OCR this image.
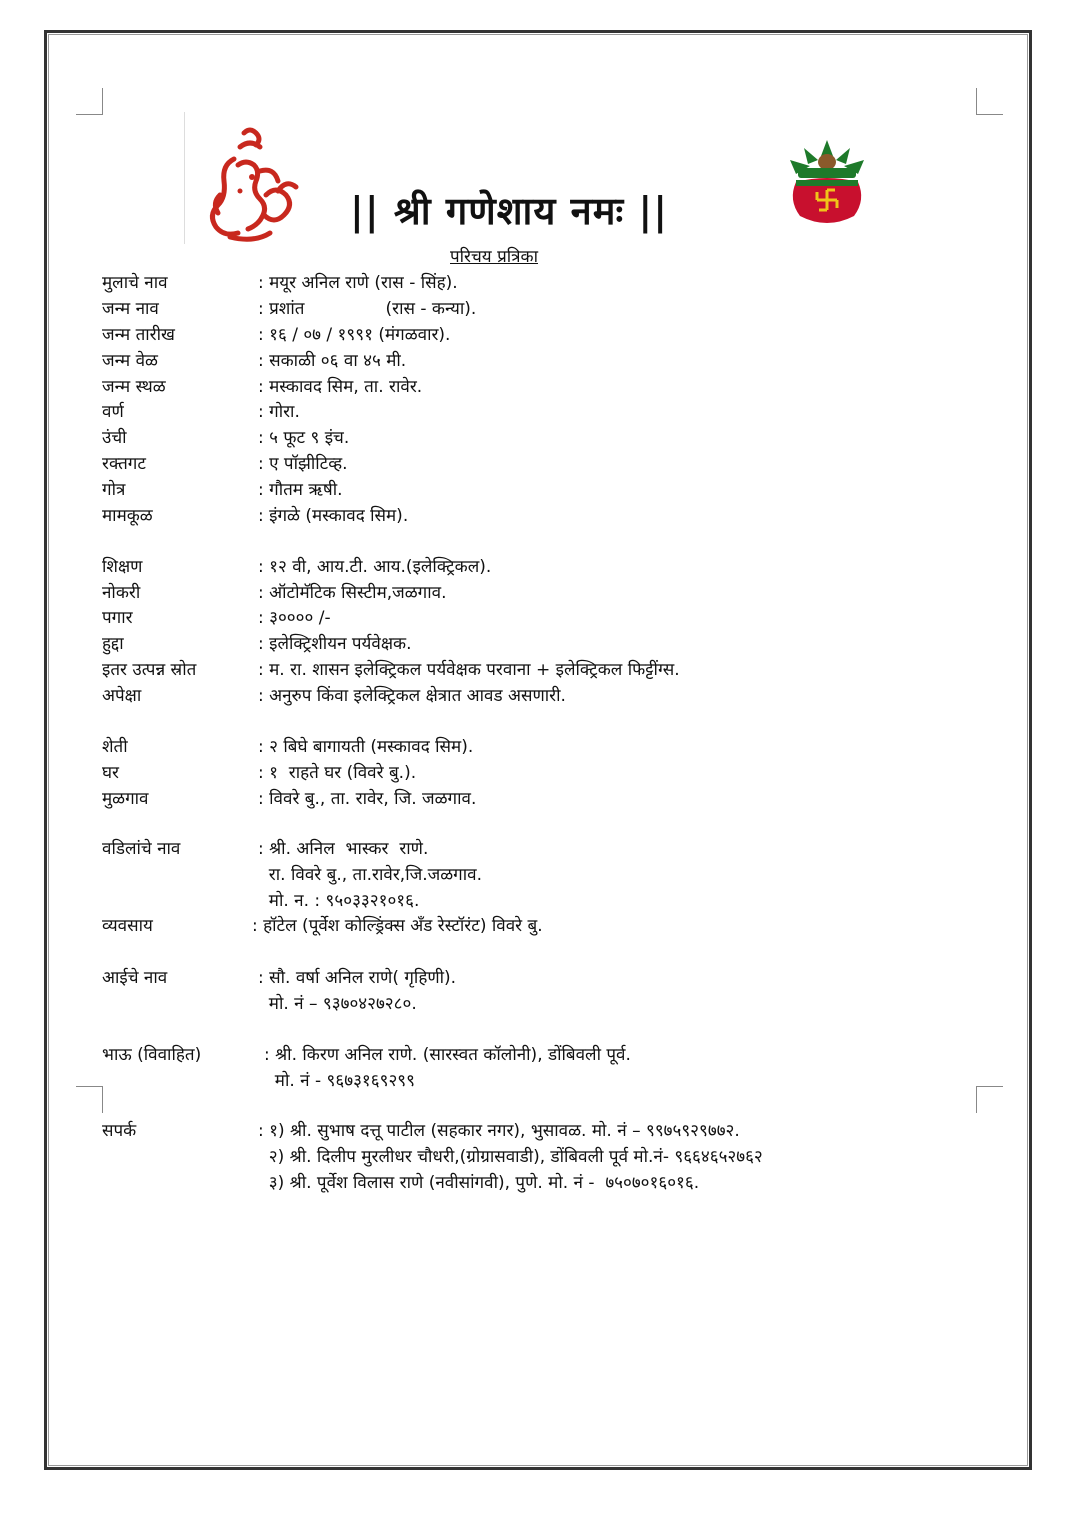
|| श्री गणेशाय नमः ||
परिचय प्रत्रिका
मुलाचे नाव	: मयूर अनिल राणे (रास - सिंह).
जन्म नाव	: प्रशांत               (रास - कन्या).
जन्म तारीख	: १६ / ०७ / १९९१ (मंगळवार).
जन्म वेळ	: सकाळी ०६ वा ४५ मी.
जन्म स्थळ	: मस्कावद सिम, ता. रावेर.
वर्ण	: गोरा.
उंची	: ५ फूट ९ इंच.
रक्तगट	: ए पॉझीटिव्ह.
गोत्र	: गौतम ऋषी.
मामकूळ	: इंगळे (मस्कावद सिम).
शिक्षण	: १२ वी, आय.टी. आय.(इलेक्ट्रिकल).
नोकरी	: ऑटोमॅटिक सिस्टीम,जळगाव.
पगार	: ३०००० /-
हुद्दा	: इलेक्ट्रिशीयन पर्यवेक्षक.
इतर उत्पन्न स्रोत	: म. रा. शासन इलेक्ट्रिकल पर्यवेक्षक परवाना + इलेक्ट्रिकल फिट्टींग्स.
अपेक्षा	: अनुरुप किंवा इलेक्ट्रिकल क्षेत्रात आवड असणारी.
शेती	: २ बिघे बागायती (मस्कावद सिम).
घर	: १  राहते घर (विवरे बु.).
मुळगाव	: विवरे बु., ता. रावेर, जि. जळगाव.
वडिलांचे नाव	: श्री. अनिल  भास्कर  राणे.
रा. विवरे बु., ता.रावेर,जि.जळगाव.
मो. न. : ९५०३३२१०१६.
व्यवसाय	: हॉटेल (पूर्वेश कोल्ड्रिंक्स अँड रेस्टॉरंट) विवरे बु.
आईचे नाव	: सौ. वर्षा अनिल राणे( गृहिणी).
मो. नं – ९३७०४२७२८०.
भाऊ (विवाहित)	: श्री. किरण अनिल राणे. (सारस्वत कॉलोनी), डोंबिवली पूर्व.
मो. नं - ९६७३१६९२९९
सपर्क	: १) श्री. सुभाष दत्तू पाटील (सहकार नगर), भुसावळ. मो. नं – ९९७५९२९७७२.
२) श्री. दिलीप मुरलीधर चौधरी,(ग्रोग्रासवाडी), डोंबिवली पूर्व मो.नं- ९६६४६५२७६२
३) श्री. पूर्वेश विलास राणे (नवीसांगवी), पुणे. मो. नं -  ७५०७०१६०१६.
